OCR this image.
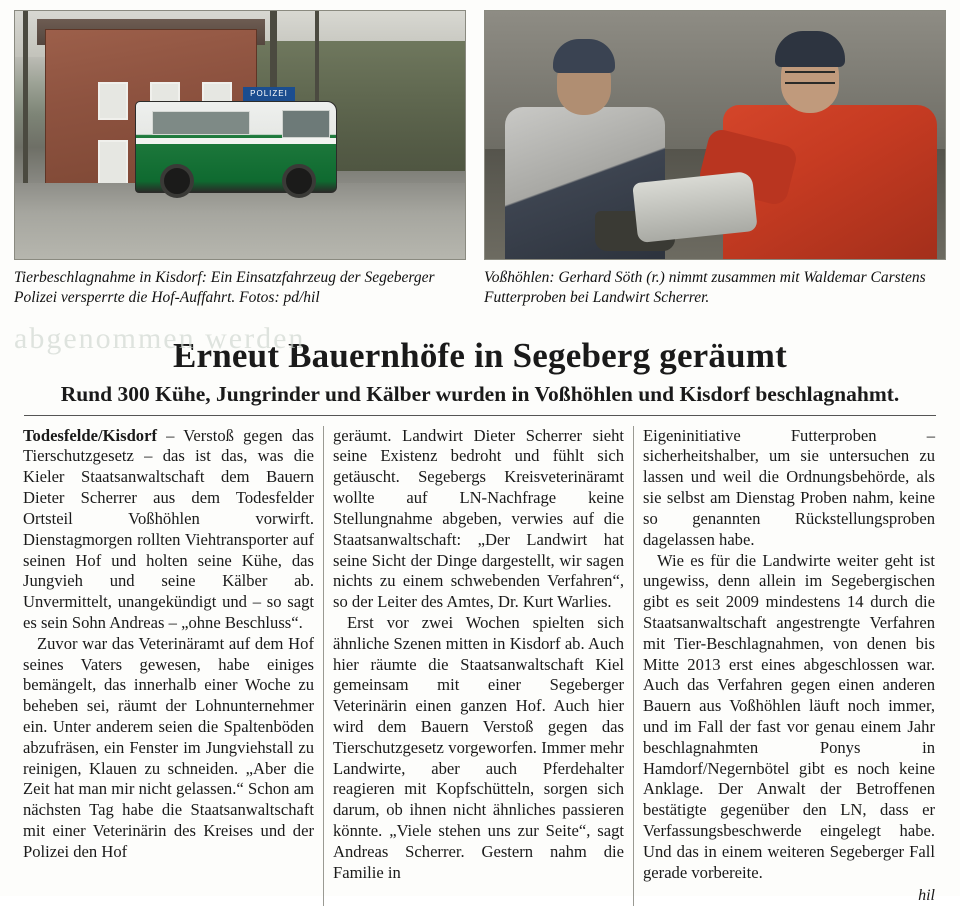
POLIZEI
Tierbeschlagnahme in Kisdorf: Ein Einsatzfahrzeug der Segeberger Polizei versperrte die Hof-Auffahrt. Fotos: pd/hil
Voßhöhlen: Gerhard Söth (r.) nimmt zusammen mit Waldemar Carstens Futterproben bei Landwirt Scherrer.
abgenommen werden
Erneut Bauernhöfe in Segeberg geräumt
Rund 300 Kühe, Jungrinder und Kälber wurden in Voßhöhlen und Kisdorf beschlagnahmt.

Todesfelde/Kisdorf – Verstoß gegen das Tierschutzgesetz – das ist das, was die Kieler Staatsanwaltschaft dem Bauern Dieter Scherrer aus dem Todesfelder Ortsteil Voßhöhlen vorwirft. Dienstagmorgen rollten Viehtransporter auf seinen Hof und holten seine Kühe, das Jungvieh und seine Kälber ab. Unvermittelt, unangekündigt und – so sagt es sein Sohn Andreas – „ohne Beschluss“.

Zuvor war das Veterinäramt auf dem Hof seines Vaters gewesen, habe einiges bemängelt, das innerhalb einer Woche zu beheben sei, räumt der Lohnunternehmer ein. Unter anderem seien die Spaltenböden abzufräsen, ein Fenster im Jungviehstall zu reinigen, Klauen zu schneiden. „Aber die Zeit hat man mir nicht gelassen.“ Schon am nächsten Tag habe die Staatsanwaltschaft mit einer Veterinärin des Kreises und der Polizei den Hof

geräumt. Landwirt Dieter Scherrer sieht seine Existenz bedroht und fühlt sich getäuscht. Segebergs Kreisveterinäramt wollte auf LN-Nachfrage keine Stellungnahme abgeben, verwies auf die Staatsanwaltschaft: „Der Landwirt hat seine Sicht der Dinge dargestellt, wir sagen nichts zu einem schwebenden Verfahren“, so der Leiter des Amtes, Dr. Kurt Warlies.

Erst vor zwei Wochen spielten sich ähnliche Szenen mitten in Kisdorf ab. Auch hier räumte die Staatsanwaltschaft Kiel gemeinsam mit einer Segeberger Veterinärin einen ganzen Hof. Auch hier wird dem Bauern Verstoß gegen das Tierschutzgesetz vorgeworfen. Immer mehr Landwirte, aber auch Pferdehalter reagieren mit Kopfschütteln, sorgen sich darum, ob ihnen nicht ähnliches passieren könnte. „Viele stehen uns zur Seite“, sagt Andreas Scherrer. Gestern nahm die Familie in

Eigeninitiative Futterproben – sicherheitshalber, um sie untersuchen zu lassen und weil die Ordnungsbehörde, als sie selbst am Dienstag Proben nahm, keine so genannten Rückstellungsproben dagelassen habe.

Wie es für die Landwirte weiter geht ist ungewiss, denn allein im Segebergischen gibt es seit 2009 mindestens 14 durch die Staatsanwaltschaft angestrengte Verfahren mit Tier-Beschlagnahmen, von denen bis Mitte 2013 erst eines abgeschlossen war. Auch das Verfahren gegen einen anderen Bauern aus Voßhöhlen läuft noch immer, und im Fall der fast vor genau einem Jahr beschlagnahmten Ponys in Hamdorf/Negernbötel gibt es noch keine Anklage. Der Anwalt der Betroffenen bestätigte gegenüber den LN, dass er Verfassungsbeschwerde eingelegt habe. Und das in einem weiteren Segeberger Fall gerade vorbereite.

hil
